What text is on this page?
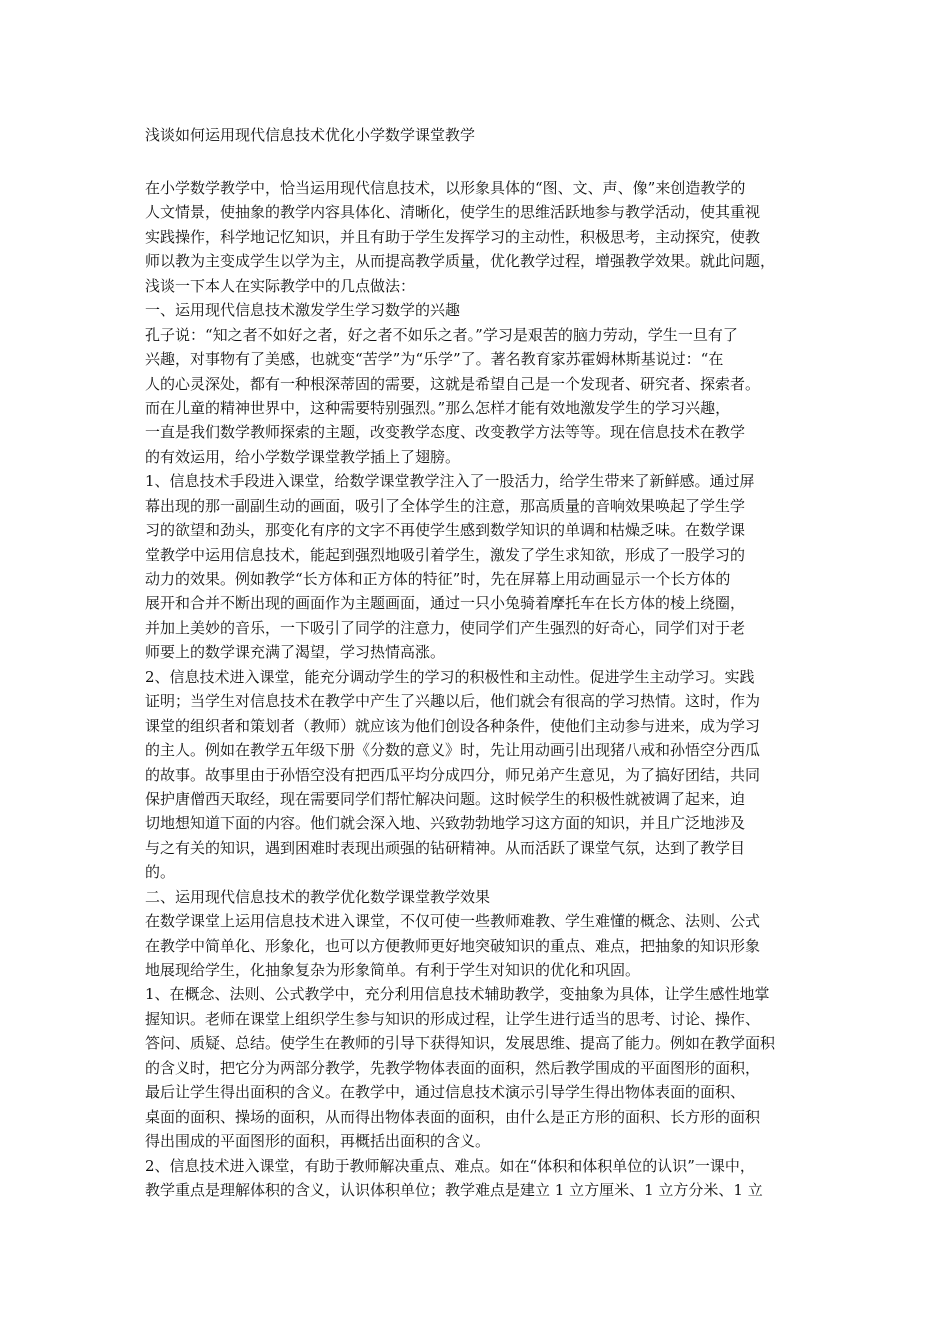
浅谈如何运用现代信息技术优化小学数学课堂教学
在小学数学教学中，恰当运用现代信息技术，以形象具体的“图、文、声、像”来创造教学的
人文情景，使抽象的教学内容具体化、清晰化，使学生的思维活跃地参与教学活动，使其重视
实践操作，科学地记忆知识，并且有助于学生发挥学习的主动性，积极思考，主动探究，使教
师以教为主变成学生以学为主，从而提高教学质量，优化教学过程，增强教学效果。就此问题，
浅谈一下本人在实际教学中的几点做法：
一、运用现代信息技术激发学生学习数学的兴趣
孔子说：“知之者不如好之者，好之者不如乐之者。”学习是艰苦的脑力劳动，学生一旦有了
兴趣，对事物有了美感，也就变“苦学”为“乐学”了。著名教育家苏霍姆林斯基说过：“在
人的心灵深处，都有一种根深蒂固的需要，这就是希望自己是一个发现者、研究者、探索者。
而在儿童的精神世界中，这种需要特别强烈。”那么怎样才能有效地激发学生的学习兴趣，
一直是我们数学教师探索的主题，改变教学态度、改变教学方法等等。现在信息技术在教学
的有效运用，给小学数学课堂教学插上了翅膀。
1、信息技术手段进入课堂，给数学课堂教学注入了一股活力，给学生带来了新鲜感。通过屏
幕出现的那一副副生动的画面，吸引了全体学生的注意，那高质量的音响效果唤起了学生学
习的欲望和劲头，那变化有序的文字不再使学生感到数学知识的单调和枯燥乏味。在数学课
堂教学中运用信息技术，能起到强烈地吸引着学生，激发了学生求知欲，形成了一股学习的
动力的效果。例如教学“长方体和正方体的特征”时，先在屏幕上用动画显示一个长方体的
展开和合并不断出现的画面作为主题画面，通过一只小兔骑着摩托车在长方体的棱上绕圈，
并加上美妙的音乐，一下吸引了同学的注意力，使同学们产生强烈的好奇心，同学们对于老
师要上的数学课充满了渴望，学习热情高涨。
2、信息技术进入课堂，能充分调动学生的学习的积极性和主动性。促进学生主动学习。实践
证明；当学生对信息技术在教学中产生了兴趣以后，他们就会有很高的学习热情。这时，作为
课堂的组织者和策划者（教师）就应该为他们创设各种条件，使他们主动参与进来，成为学习
的主人。例如在教学五年级下册《分数的意义》时，先让用动画引出现猪八戒和孙悟空分西瓜
的故事。故事里由于孙悟空没有把西瓜平均分成四分，师兄弟产生意见，为了搞好团结，共同
保护唐僧西天取经，现在需要同学们帮忙解决问题。这时候学生的积极性就被调了起来，迫
切地想知道下面的内容。他们就会深入地、兴致勃勃地学习这方面的知识，并且广泛地涉及
与之有关的知识，遇到困难时表现出顽强的钻研精神。从而活跃了课堂气氛，达到了教学目
的。
二、运用现代信息技术的教学优化数学课堂教学效果
在数学课堂上运用信息技术进入课堂，不仅可使一些教师难教、学生难懂的概念、法则、公式
在教学中简单化、形象化，也可以方便教师更好地突破知识的重点、难点，把抽象的知识形象
地展现给学生，化抽象复杂为形象简单。有利于学生对知识的优化和巩固。
1、在概念、法则、公式教学中，充分利用信息技术辅助教学，变抽象为具体，让学生感性地掌
握知识。老师在课堂上组织学生参与知识的形成过程，让学生进行适当的思考、讨论、操作、
答问、质疑、总结。使学生在教师的引导下获得知识，发展思维、提高了能力。例如在教学面积
的含义时，把它分为两部分教学，先教学物体表面的面积，然后教学围成的平面图形的面积，
最后让学生得出面积的含义。在教学中，通过信息技术演示引导学生得出物体表面的面积、
桌面的面积、操场的面积，从而得出物体表面的面积，由什么是正方形的面积、长方形的面积
得出围成的平面图形的面积，再概括出面积的含义。
2、信息技术进入课堂，有助于教师解决重点、难点。如在“体积和体积单位的认识”一课中，
教学重点是理解体积的含义，认识体积单位；教学难点是建立 1 立方厘米、1 立方分米、1 立
